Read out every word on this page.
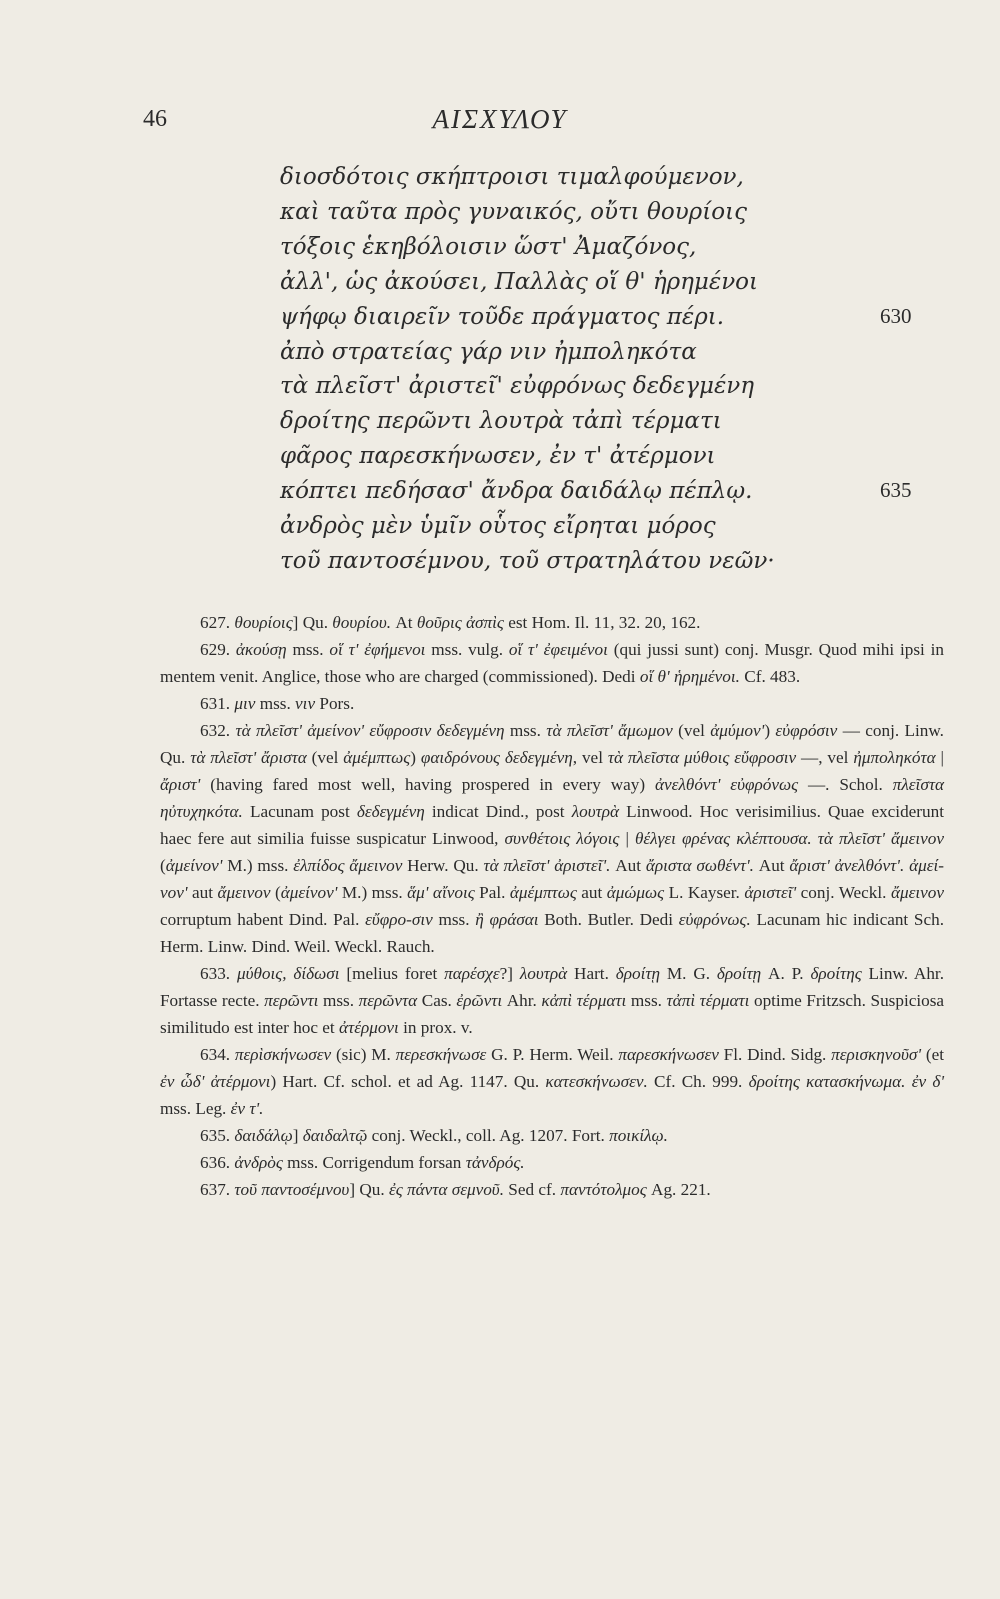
46	ΑΙΣΧΥΛΟΥ
διοσδότοις σκήπτροισι τιμαλφούμενον,
καὶ ταῦτα πρὸς γυναικός, οὔτι θουρίοις
τόξοις ἑκηβόλοισιν ὥστ' Ἀμαζόνος,
ἀλλ', ὡς ἀκούσει, Παλλὰς οἵ θ' ἡρημένοι
ψήφῳ διαιρεῖν τοῦδε πράγματος πέρι.	630
ἀπὸ στρατείας γάρ νιν ἠμποληκότα
τὰ πλεῖστ' ἀριστεῖ' εὐφρόνως δεδεγμένη
δροίτης περῶντι λουτρὰ τἀπὶ τέρματι
φᾶρος παρεσκήνωσεν, ἐν τ' ἀτέρμονι
κόπτει πεδήσασ' ἄνδρα δαιδάλῳ πέπλῳ.	635
ἀνδρὸς μὲν ὑμῖν οὗτος εἴρηται μόρος
τοῦ παντοσέμνου, τοῦ στρατηλάτου νεῶν·

627. θουρίοις] Qu. θουρίου. At θοῦρις ἀσπὶς est Hom. Il. 11, 32. 20, 162.

629. ἀκούσῃ mss. οἵ τ' ἐφήμενοι mss. vulg. οἵ τ' ἐφειμένοι (qui jussi sunt) conj. Musgr. Quod mihi ipsi in mentem venit. Anglice, those who are charged (commissioned). Dedi οἵ θ' ἡρημένοι. Cf. 483.

631. μιν mss. νιν Pors.

632. τὰ πλεῖστ' ἀμείνον' εὔφροσιν δεδεγμένη mss. τὰ πλεῖστ' ἄμωμον (vel ἀμύμον') εὐφρόσιν — conj. Linw. Qu. τὰ πλεῖστ' ἄριστα (vel ἀμέμπτως) φαιδρόνους δεδεγμένη, vel τὰ πλεῖστα μύθοις εὔφροσιν —, vel ἠμποληκότα | ἄριστ' (having fared most well, having prospered in every way) ἀνελθόντ' εὐφρόνως —. Schol. πλεῖστα ηὐτυχηκότα. Lacunam post δεδεγμένη indicat Dind., post λουτρὰ Linwood. Hoc verisimilius. Quae exciderunt haec fere aut similia fuisse suspicatur Linwood, συνθέτοις λόγοις | θέλγει φρένας κλέπτουσα. τὰ πλεῖστ' ἄμεινον (ἀμείνον' M.) mss. ἐλπίδος ἄμεινον Herw. Qu. τὰ πλεῖστ' ἀριστεῖ'. Aut ἄριστα σωθέντ'. Aut ἄριστ' ἀνελθόντ'. ἀμεί-νον' aut ἄμεινον (ἀμείνον' M.) mss. ἅμ' αἴνοις Pal. ἀμέμπτως aut ἀμώμως L. Kayser. ἀριστεῖ' conj. Weckl. ἄμεινον corruptum habent Dind. Pal. εὔφρο-σιν mss. ἢ φράσαι Both. Butler. Dedi εὐφρόνως. Lacunam hic indicant Sch. Herm. Linw. Dind. Weil. Weckl. Rauch.

633. μύθοις, δίδωσι [melius foret παρέσχε?] λουτρὰ Hart. δροίτῃ M. G. δροίτῃ A. P. δροίτης Linw. Ahr. Fortasse recte. περῶντι mss. περῶντα Cas. ἐρῶντι Ahr. κἀπὶ τέρματι mss. τἀπὶ τέρματι optime Fritzsch. Suspiciosa similitudo est inter hoc et ἀτέρμονι in prox. v.

634. περὶσκήνωσεν (sic) M. περεσκήνωσε G. P. Herm. Weil. παρεσκήνωσεν Fl. Dind. Sidg. περισκηνοῦσ' (et ἐν ὧδ' ἀτέρμονι) Hart. Cf. schol. et ad Ag. 1147. Qu. κατεσκήνωσεν. Cf. Ch. 999. δροίτης κατασκήνωμα. ἐν δ' mss. Leg. ἐν τ'.

635. δαιδάλῳ] δαιδαλτῷ conj. Weckl., coll. Ag. 1207. Fort. ποικίλῳ.

636. ἀνδρὸς mss. Corrigendum forsan τἀνδρός.

637. τοῦ παντοσέμνου] Qu. ἐς πάντα σεμνοῦ. Sed cf. παντότολμος Ag. 221.
